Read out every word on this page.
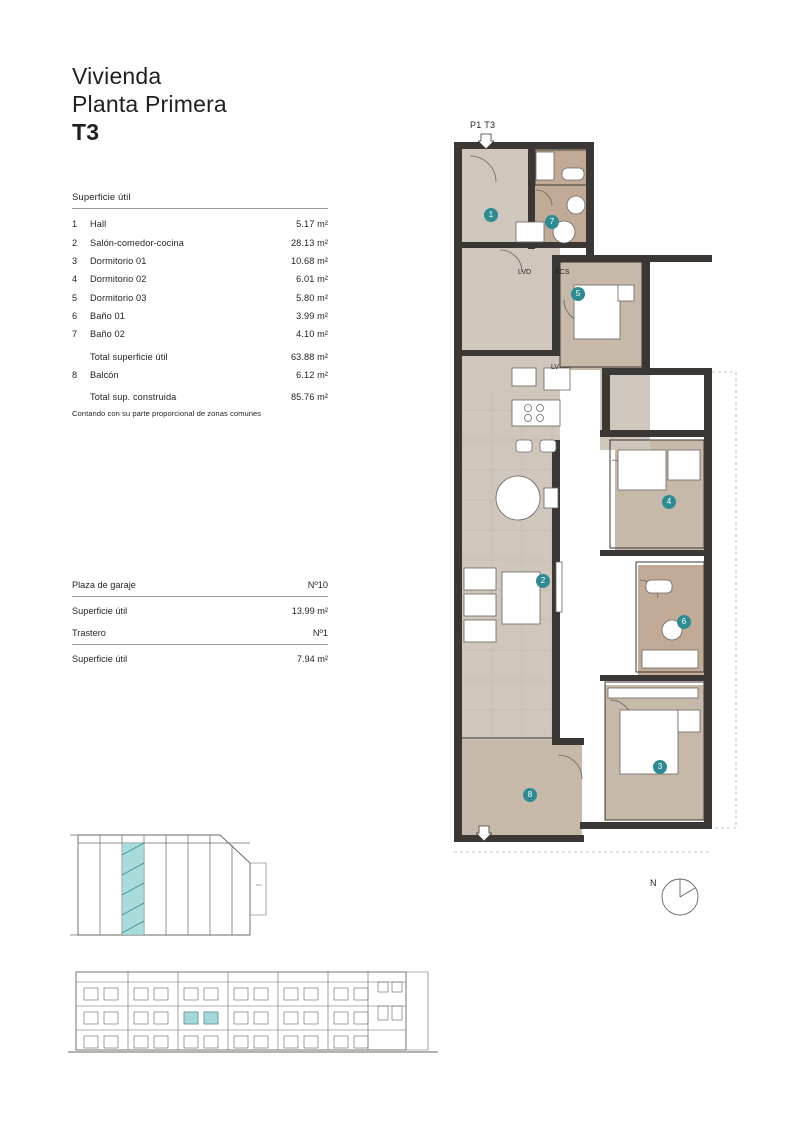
Vivienda
Planta Primera
T3
Superficie útil
1	Hall	5.17 m²
2	Salón-comedor-cocina	28.13 m²
3	Dormitorio 01	10.68 m²
4	Dormitorio 02	6.01 m²
5	Dormitorio 03	5.80 m²
6	Baño 01	3.99 m²
7	Baño 02	4.10 m²
Total superficie útil	63.88 m²
8	Balcón	6.12 m²
Total sup. construida	85.76 m²
Contando con su parte proporcional de zonas comunes
Plaza de garaje	Nº10
Superficie útil	13.99 m²
Trastero	Nº1
Superficie útil	7.94 m²
P1 T3
1
7
5
4
2
6
3
8
LVD	ACS
LV
N
